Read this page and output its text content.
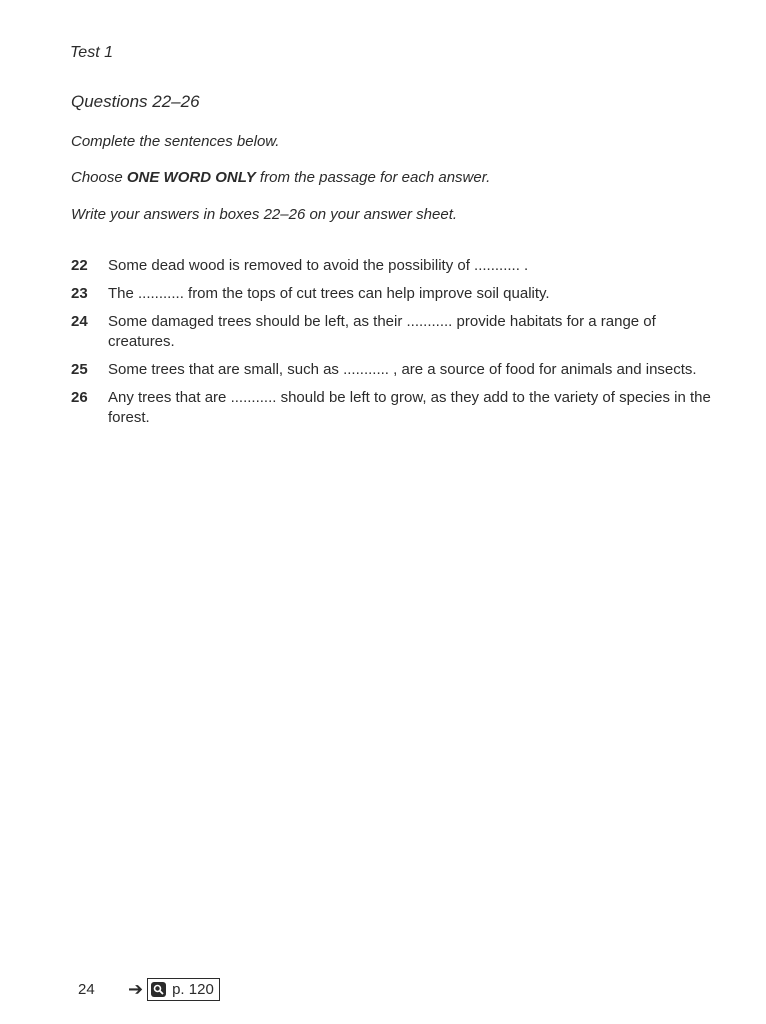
Test 1
Questions 22–26
Complete the sentences below.
Choose ONE WORD ONLY from the passage for each answer.
Write your answers in boxes 22–26 on your answer sheet.
22	Some dead wood is removed to avoid the possibility of ........... .
23	The ........... from the tops of cut trees can help improve soil quality.
24	Some damaged trees should be left, as their ........... provide habitats for a range of creatures.
25	Some trees that are small, such as ........... , are a source of food for animals and insects.
26	Any trees that are ........... should be left to grow, as they add to the variety of species in the forest.
24	➔ p. 120
